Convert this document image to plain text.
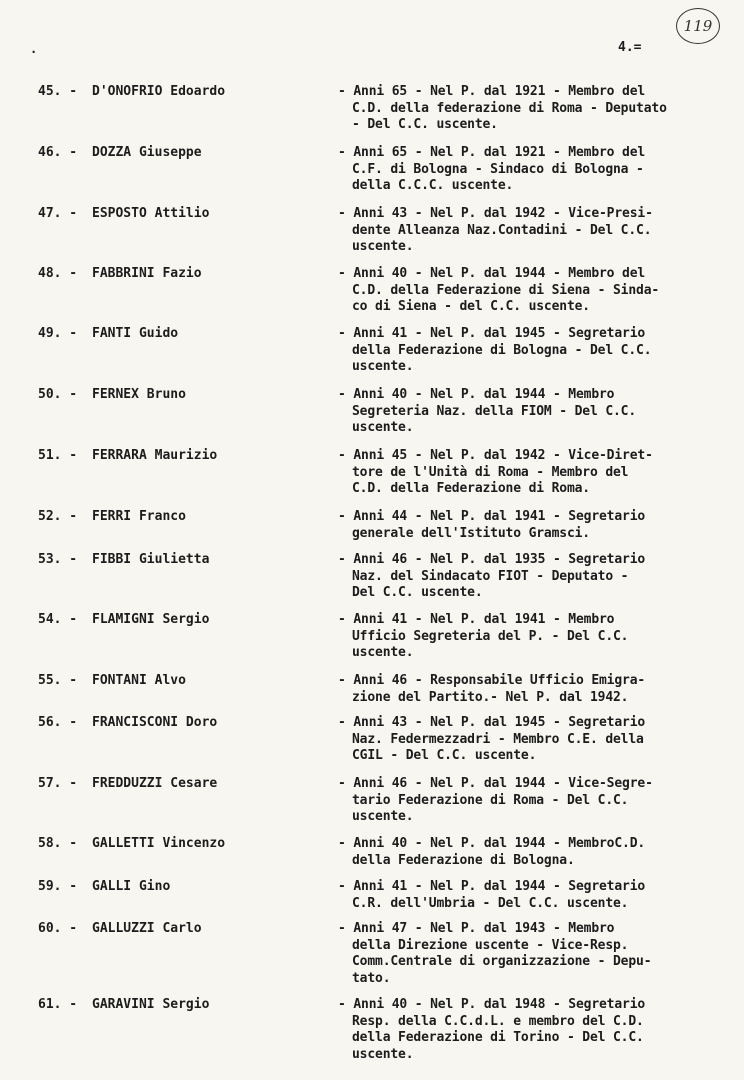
119
.	4.=
45. - D'ONOFRIO Edoardo	- Anni 65 - Nel P. dal 1921 - Membro del
C.D. della federazione di Roma - Deputato
- Del C.C. uscente.
46. - DOZZA Giuseppe	- Anni 65 - Nel P. dal 1921 - Membro del
C.F. di Bologna - Sindaco di Bologna -
della C.C.C. uscente.
47. - ESPOSTO Attilio	- Anni 43 - Nel P. dal 1942 - Vice-Presi-
dente Alleanza Naz.Contadini - Del C.C.
uscente.
48. - FABBRINI Fazio	- Anni 40 - Nel P. dal 1944 - Membro del
C.D. della Federazione di Siena - Sinda-
co di Siena - del C.C. uscente.
49. - FANTI Guido	- Anni 41 - Nel P. dal 1945 - Segretario
della Federazione di Bologna - Del C.C.
uscente.
50. - FERNEX Bruno	- Anni 40 - Nel P. dal 1944 - Membro
Segreteria Naz. della FIOM - Del C.C.
uscente.
51. - FERRARA Maurizio	- Anni 45 - Nel P. dal 1942 - Vice-Diret-
tore de l'Unità di Roma - Membro del
C.D. della Federazione di Roma.
52. - FERRI Franco	- Anni 44 - Nel P. dal 1941 - Segretario
generale dell'Istituto Gramsci.
53. - FIBBI Giulietta	- Anni 46 - Nel P. dal 1935 - Segretario
Naz. del Sindacato FIOT - Deputato -
Del C.C. uscente.
54. - FLAMIGNI Sergio	- Anni 41 - Nel P. dal 1941 - Membro
Ufficio Segreteria del P. - Del C.C.
uscente.
55. - FONTANI Alvo	- Anni 46 - Responsabile Ufficio Emigra-
zione del Partito.- Nel P. dal 1942.
56. - FRANCISCONI Doro	- Anni 43 - Nel P. dal 1945 - Segretario
Naz. Federmezzadri - Membro C.E. della
CGIL - Del C.C. uscente.
57. - FREDDUZZI Cesare	- Anni 46 - Nel P. dal 1944 - Vice-Segre-
tario Federazione di Roma - Del C.C.
uscente.
58. - GALLETTI Vincenzo	- Anni 40 - Nel P. dal 1944 - MembroC.D.
della Federazione di Bologna.
59. - GALLI Gino	- Anni 41 - Nel P. dal 1944 - Segretario
C.R. dell'Umbria - Del C.C. uscente.
60. - GALLUZZI Carlo	- Anni 47 - Nel P. dal 1943 - Membro
della Direzione uscente - Vice-Resp.
Comm.Centrale di organizzazione - Depu-
tato.
61. - GARAVINI Sergio	- Anni 40 - Nel P. dal 1948 - Segretario
Resp. della C.C.d.L. e membro del C.D.
della Federazione di Torino - Del C.C.
uscente.
